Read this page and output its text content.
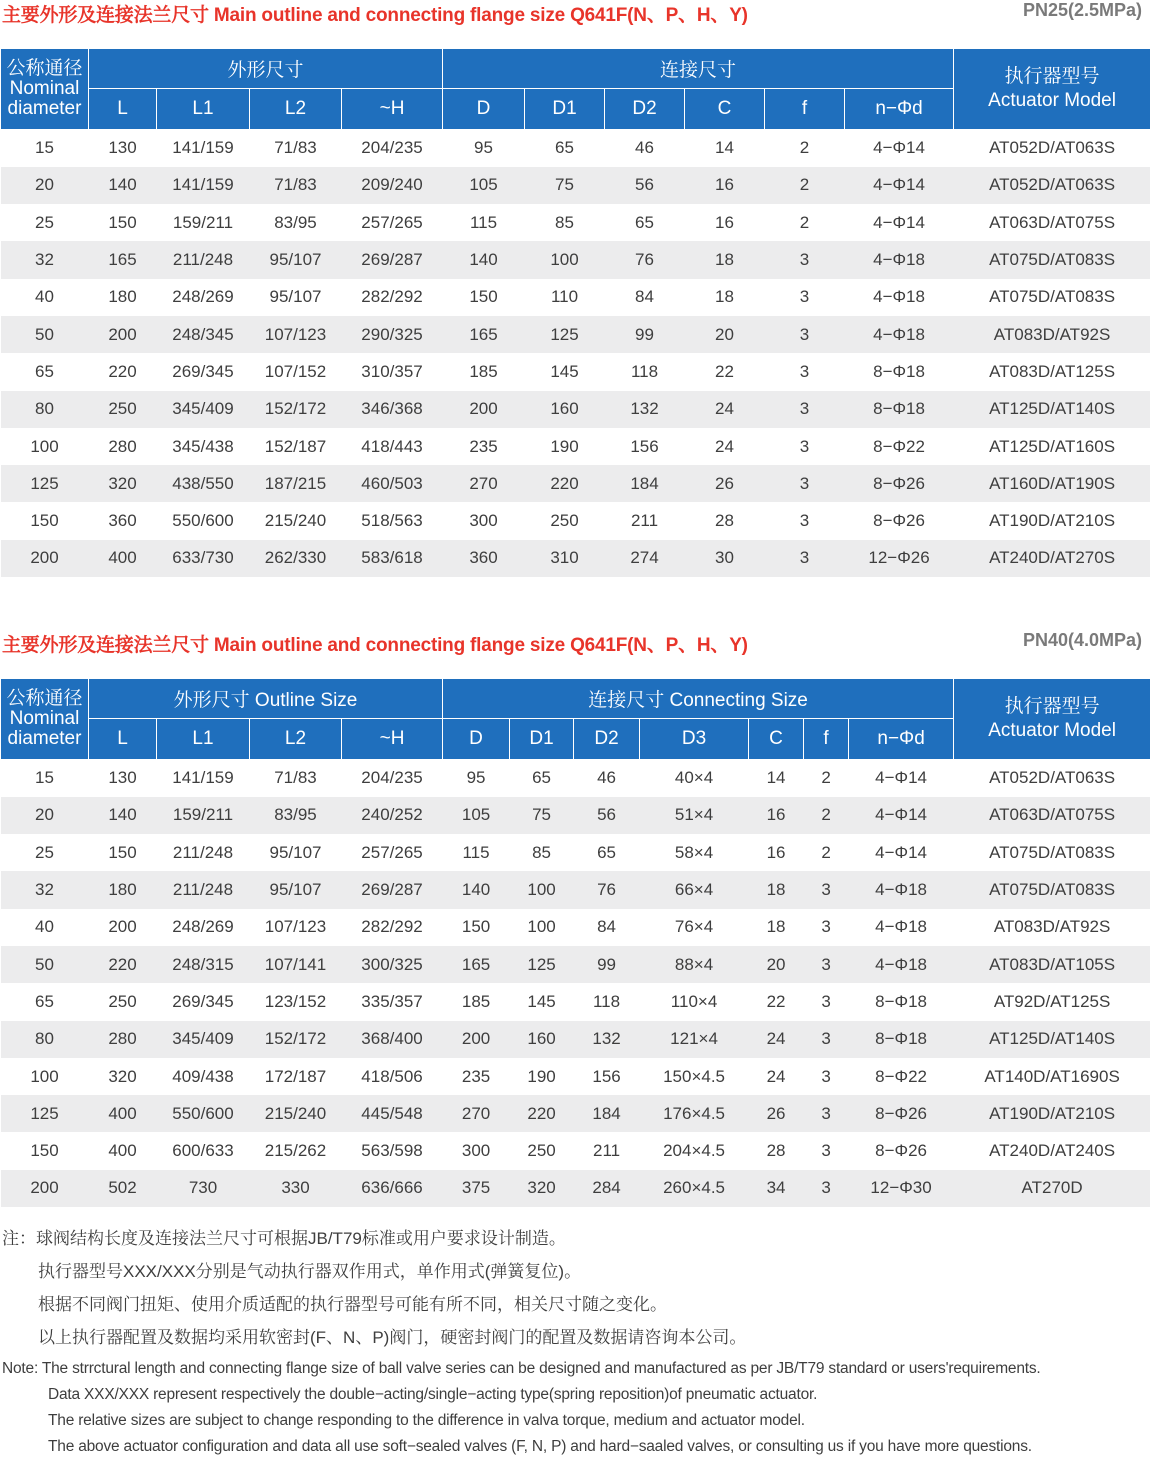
主要外形及连接法兰尺寸 Main outline and connecting flange size Q641F(N、P、H、Y)	PN25(2.5MPa)
公称通径
Nominal diameter	外形尺寸				连接尺寸						执行器型号
Actuator Model
	L	L1	L2	~H	D	D1	D2	C	f	n−Φd	
15	130	141/159	71/83	204/235	95	65	46	14	2	4−Φ14	AT052D/AT063S
20	140	141/159	71/83	209/240	105	75	56	16	2	4−Φ14	AT052D/AT063S
25	150	159/211	83/95	257/265	115	85	65	16	2	4−Φ14	AT063D/AT075S
32	165	211/248	95/107	269/287	140	100	76	18	3	4−Φ18	AT075D/AT083S
40	180	248/269	95/107	282/292	150	110	84	18	3	4−Φ18	AT075D/AT083S
50	200	248/345	107/123	290/325	165	125	99	20	3	4−Φ18	AT083D/AT92S
65	220	269/345	107/152	310/357	185	145	118	22	3	8−Φ18	AT083D/AT125S
80	250	345/409	152/172	346/368	200	160	132	24	3	8−Φ18	AT125D/AT140S
100	280	345/438	152/187	418/443	235	190	156	24	3	8−Φ22	AT125D/AT160S
125	320	438/550	187/215	460/503	270	220	184	26	3	8−Φ26	AT160D/AT190S
150	360	550/600	215/240	518/563	300	250	211	28	3	8−Φ26	AT190D/AT210S
200	400	633/730	262/330	583/618	360	310	274	30	3	12−Φ26	AT240D/AT270S
主要外形及连接法兰尺寸 Main outline and connecting flange size Q641F(N、P、H、Y)	PN40(4.0MPa)
公称通径
Nominal diameter	外形尺寸 Outline Size				连接尺寸 Connecting Size							执行器型号
Actuator Model
	L	L1	L2	~H	D	D1	D2	D3	C	f	n−Φd	
15	130	141/159	71/83	204/235	95	65	46	40×4	14	2	4−Φ14	AT052D/AT063S
20	140	159/211	83/95	240/252	105	75	56	51×4	16	2	4−Φ14	AT063D/AT075S
25	150	211/248	95/107	257/265	115	85	65	58×4	16	2	4−Φ14	AT075D/AT083S
32	180	211/248	95/107	269/287	140	100	76	66×4	18	3	4−Φ18	AT075D/AT083S
40	200	248/269	107/123	282/292	150	100	84	76×4	18	3	4−Φ18	AT083D/AT92S
50	220	248/315	107/141	300/325	165	125	99	88×4	20	3	4−Φ18	AT083D/AT105S
65	250	269/345	123/152	335/357	185	145	118	110×4	22	3	8−Φ18	AT92D/AT125S
80	280	345/409	152/172	368/400	200	160	132	121×4	24	3	8−Φ18	AT125D/AT140S
100	320	409/438	172/187	418/506	235	190	156	150×4.5	24	3	8−Φ22	AT140D/AT1690S
125	400	550/600	215/240	445/548	270	220	184	176×4.5	26	3	8−Φ26	AT190D/AT210S
150	400	600/633	215/262	563/598	300	250	211	204×4.5	28	3	8−Φ26	AT240D/AT240S
200	502	730	330	636/666	375	320	284	260×4.5	34	3	12−Φ30	AT270D
注：球阀结构长度及连接法兰尺寸可根据JB/T79标准或用户要求设计制造。
执行器型号XXX/XXX分别是气动执行器双作用式，单作用式(弹簧复位)。
根据不同阀门扭矩、使用介质适配的执行器型号可能有所不同，相关尺寸随之变化。
以上执行器配置及数据均采用软密封(F、N、P)阀门，硬密封阀门的配置及数据请咨询本公司。
Note: The strrctural length and connecting flange size of ball valve series can be designed and manufactured as per JB/T79 standard or users'requirements.
Data XXX/XXX represent respectively the double−acting/single−acting type(spring reposition)of pneumatic actuator.
The relative sizes are subject to change responding to the difference in valva torque, medium and actuator model.
The above actuator configuration and data all use soft−sealed valves (F, N, P) and hard−saaled valves, or consulting us if you have more questions.
